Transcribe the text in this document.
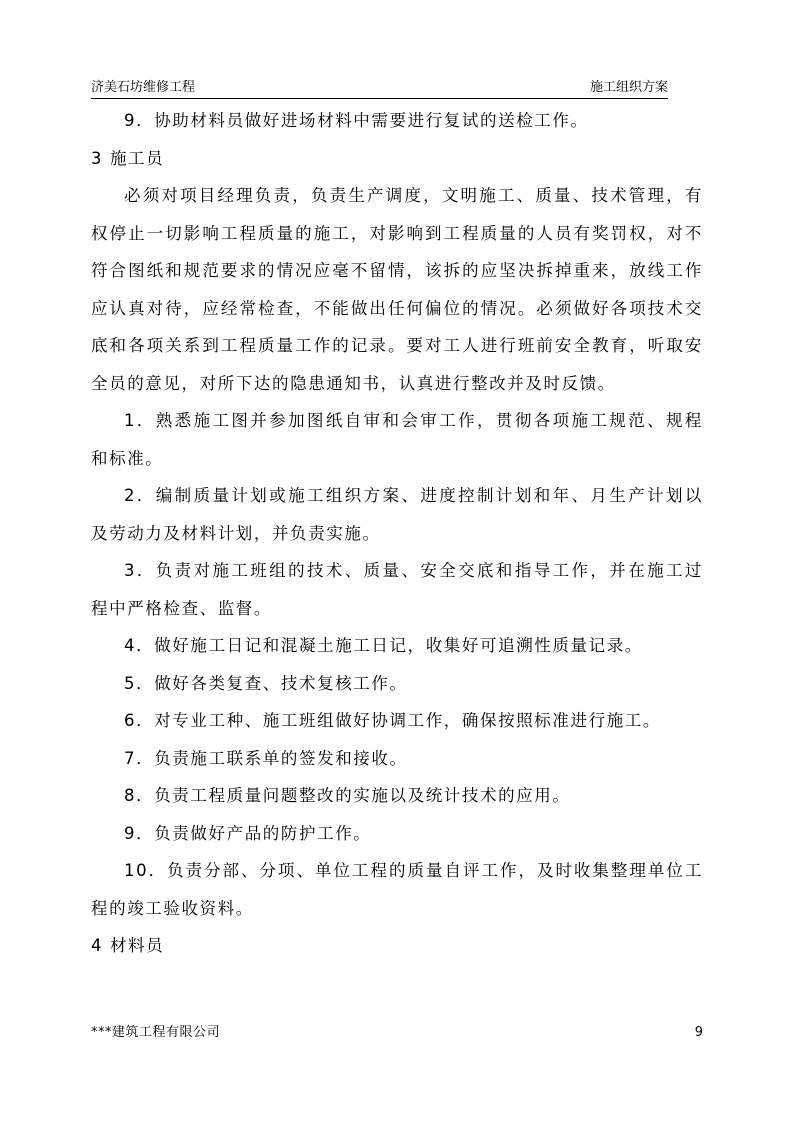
济美石坊维修工程	施工组织方案

9．协助材料员做好进场材料中需要进行复试的送检工作。

3 施工员

必须对项目经理负责，负责生产调度，文明施工、质量、技术管理，有
权停止一切影响工程质量的施工，对影响到工程质量的人员有奖罚权，对不
符合图纸和规范要求的情况应毫不留情，该拆的应坚决拆掉重来，放线工作
应认真对待，应经常检查，不能做出任何偏位的情况。必须做好各项技术交
底和各项关系到工程质量工作的记录。要对工人进行班前安全教育，听取安
全员的意见，对所下达的隐患通知书，认真进行整改并及时反馈。

1．熟悉施工图并参加图纸自审和会审工作，贯彻各项施工规范、规程
和标准。

2．编制质量计划或施工组织方案、进度控制计划和年、月生产计划以
及劳动力及材料计划，并负责实施。

3．负责对施工班组的技术、质量、安全交底和指导工作，并在施工过
程中严格检查、监督。

4．做好施工日记和混凝土施工日记，收集好可追溯性质量记录。

5．做好各类复查、技术复核工作。

6．对专业工种、施工班组做好协调工作，确保按照标准进行施工。

7．负责施工联系单的签发和接收。

8．负责工程质量问题整改的实施以及统计技术的应用。

9．负责做好产品的防护工作。

10．负责分部、分项、单位工程的质量自评工作，及时收集整理单位工
程的竣工验收资料。

4 材料员

***建筑工程有限公司	9
